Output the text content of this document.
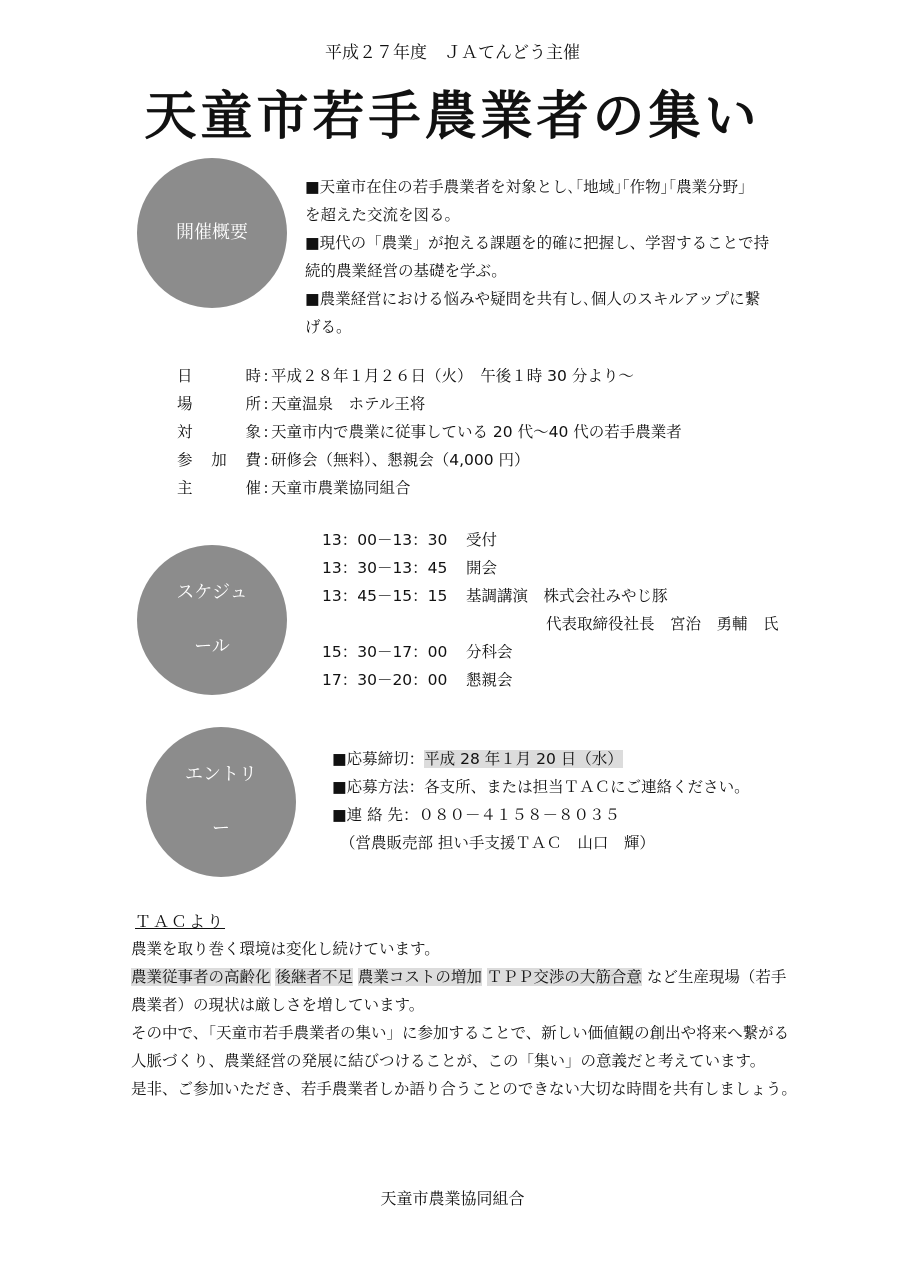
平成２７年度　ＪＡてんどう主催
天童市若手農業者の集い
開催概要
■天童市在住の若手農業者を対象とし､｢地域｣｢作物｣｢農業分野｣
を超えた交流を図る。
■現代の「農業」が抱える課題を的確に把握し、学習することで持
続的農業経営の基礎を学ぶ。
■農業経営における悩みや疑問を共有し､個人のスキルアップに繋
げる。
日時 : 平成２８年１月２６日（火）　午後１時 30 分より～
場所 : 天童温泉　ホテル王将
対象 : 天童市内で農業に従事している 20 代～40 代の若手農業者
参加費 : 研修会（無料）、懇親会（4,000 円）
主催 : 天童市農業協同組合
スケジュ
ール
13：00－13：30 受付
13：30－13：45 開会
13：45－15：15 基調講演　株式会社みやじ豚
代表取締役社長　宮治　勇輔　氏
15：30－17：00 分科会
17：30－20：00 懇親会
エントリ
ー
■応募締切：平成 28 年１月 20 日（水）
■応募方法：各支所、または担当ＴＡＣにご連絡ください。
■連 絡 先：０８０－４１５８－８０３５
（営農販売部 担い手支援ＴＡＣ　山口　輝）
ＴＡＣより
農業を取り巻く環境は変化し続けています。
農業従事者の高齢化 後継者不足 農業コストの増加 ＴＰＰ交渉の大筋合意 など生産現場（若手
農業者）の現状は厳しさを増しています。
その中で、「天童市若手農業者の集い」に参加することで、新しい価値観の創出や将来へ繋がる
人脈づくり、農業経営の発展に結びつけることが、この「集い」の意義だと考えています。
是非、ご参加いただき、若手農業者しか語り合うことのできない大切な時間を共有しましょう。
天童市農業協同組合
